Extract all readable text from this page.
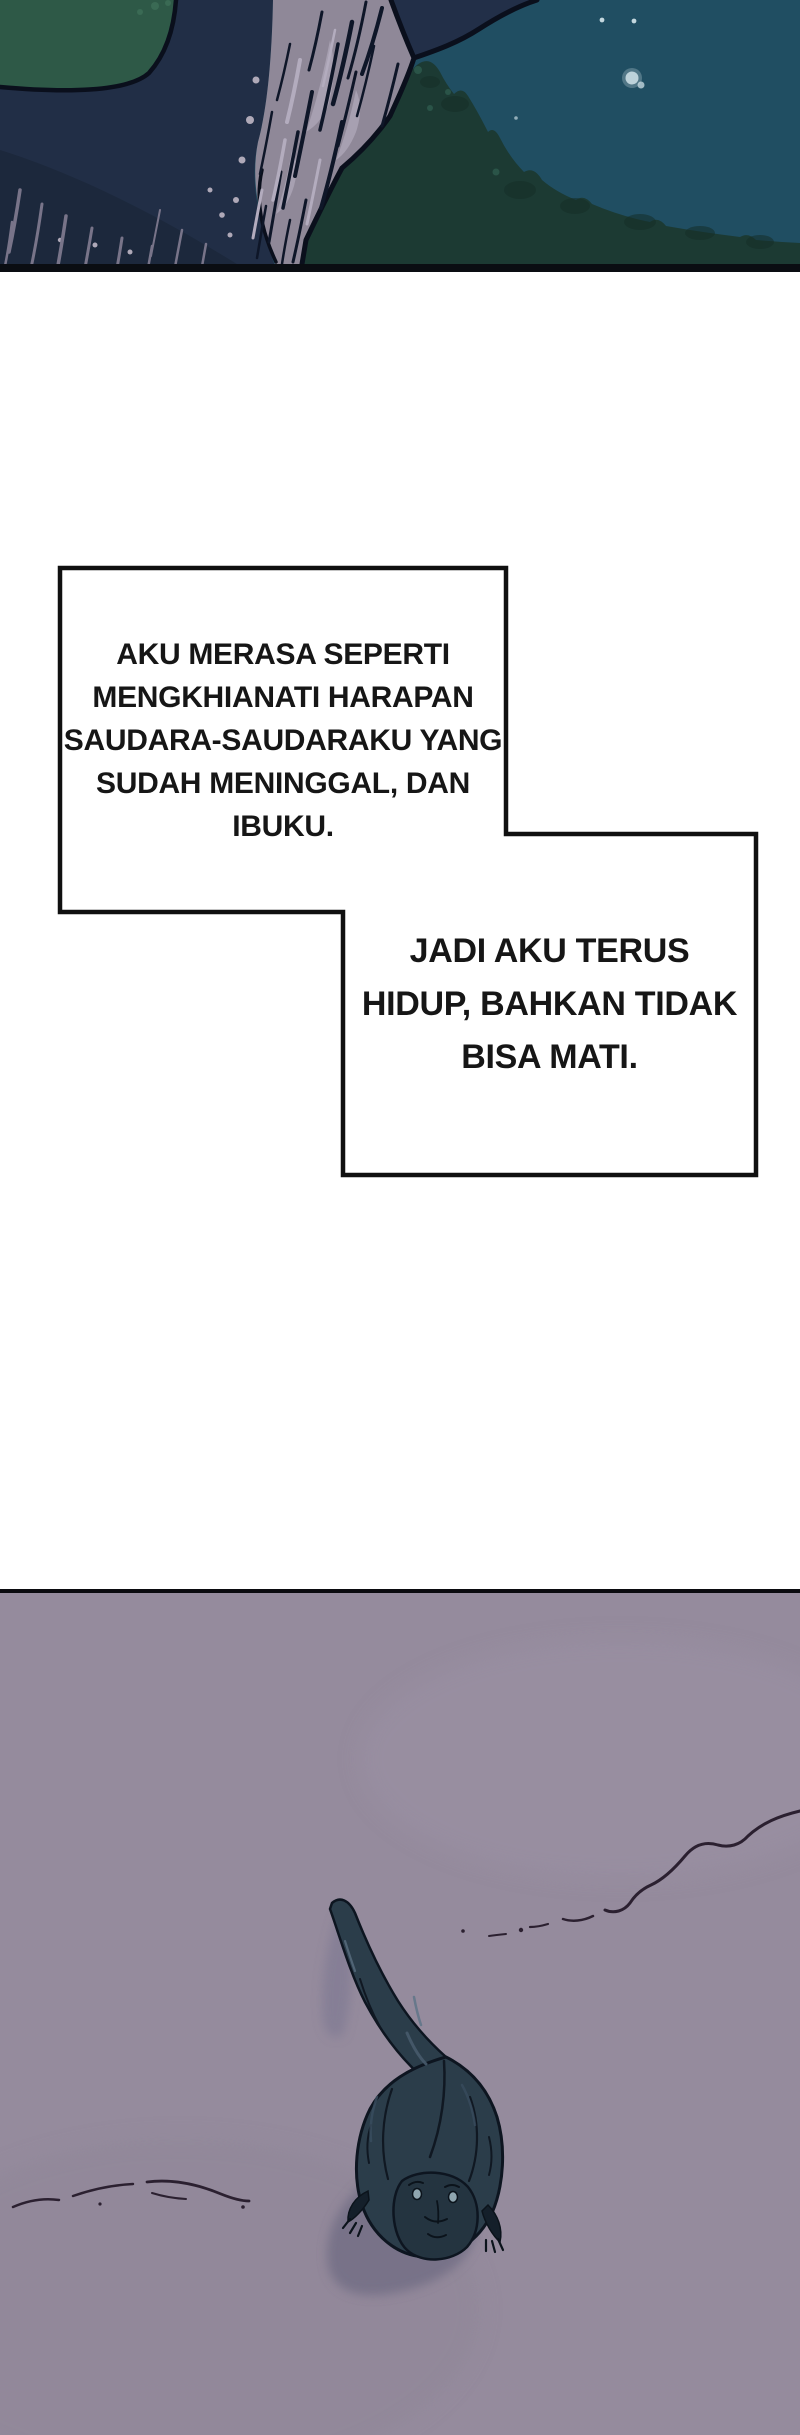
AKU MERASA SEPERTI
MENGKHIANATI HARAPAN
SAUDARA-SAUDARAKU YANG
SUDAH MENINGGAL, DAN
IBUKU.
JADI AKU TERUS
HIDUP, BAHKAN TIDAK
BISA MATI.
